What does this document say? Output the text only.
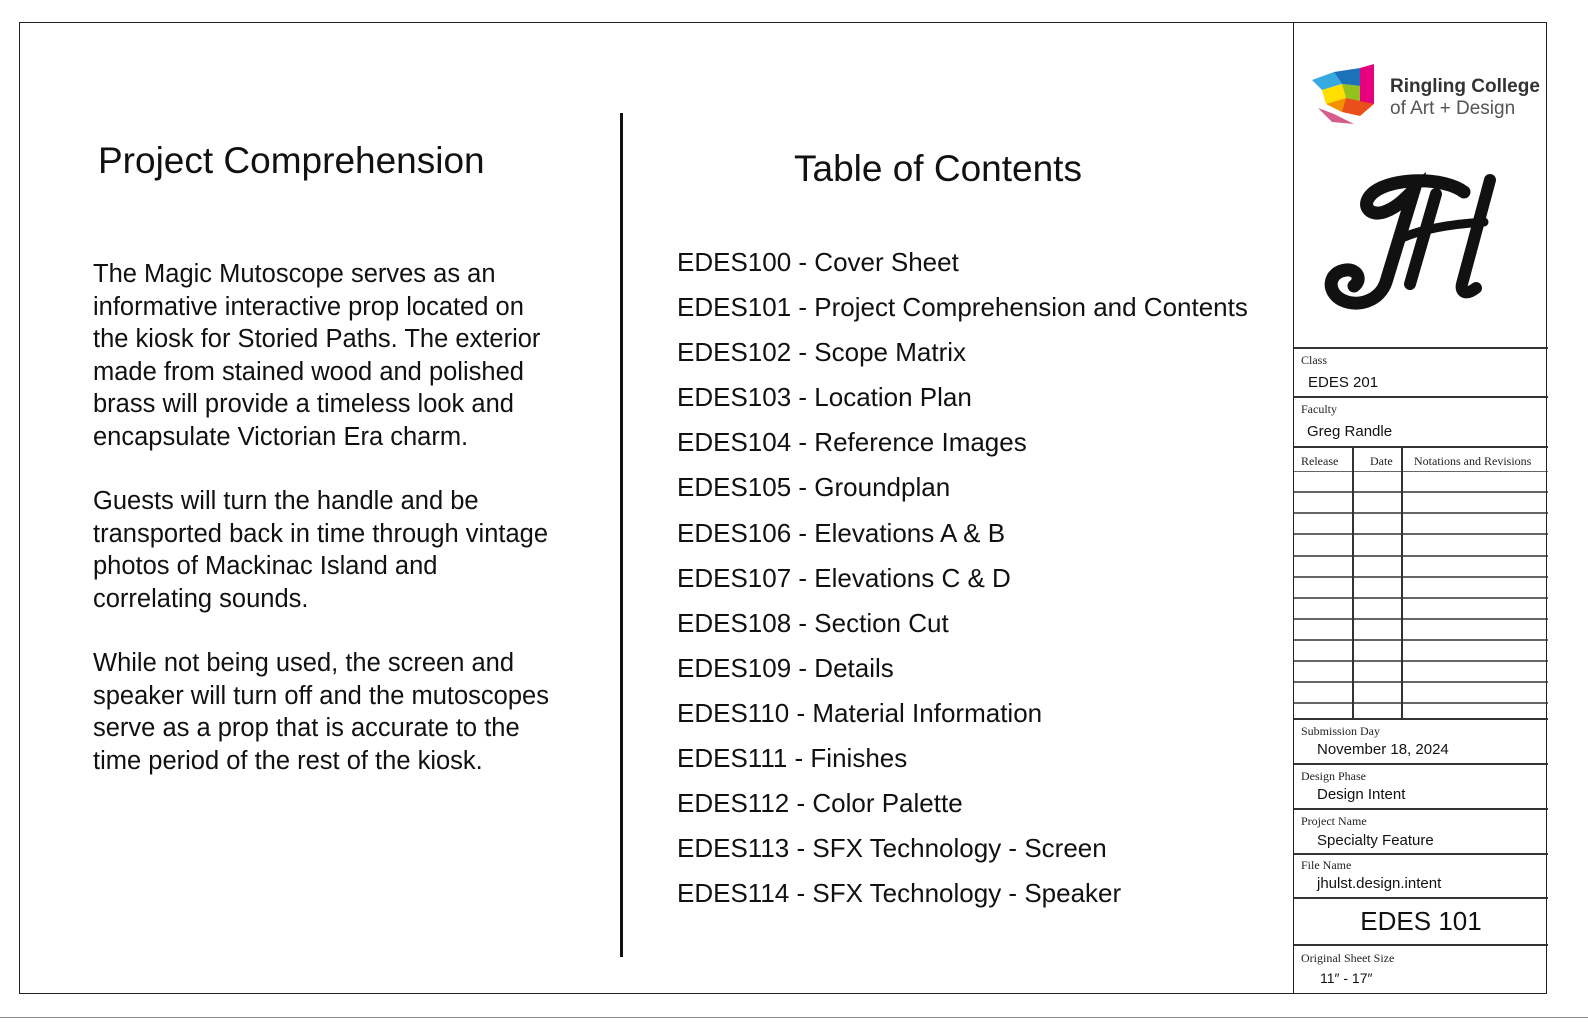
Project Comprehension

The Magic Mutoscope serves as an informative interactive prop located on the kiosk for Storied Paths. The exterior made from stained wood and polished brass will provide a timeless look and encapsulate Victorian Era charm.

Guests will turn the handle and be transported back in time through vintage photos of Mackinac Island and correlating sounds.

While not being used, the screen and speaker will turn off and the mutoscopes serve as a prop that is accurate to the time period of the rest of the kiosk.

Table of Contents
EDES100 - Cover Sheet
EDES101 - Project Comprehension and Contents
EDES102 - Scope Matrix
EDES103 - Location Plan
EDES104 - Reference Images
EDES105 - Groundplan
EDES106 - Elevations A & B
EDES107 - Elevations C & D
EDES108 - Section Cut
EDES109 - Details
EDES110 - Material Information
EDES111 - Finishes
EDES112 - Color Palette
EDES113 - SFX Technology - Screen
EDES114 - SFX Technology - Speaker
Ringling College
of Art + Design
Class
EDES 201
Faculty
Greg Randle
Release	Date Notations and Revisions
Submission Day
November 18, 2024
Design Phase
Design Intent
Project Name
Specialty Feature
File Name
jhulst.design.intent
EDES 101
Original Sheet Size
11″ - 17″
